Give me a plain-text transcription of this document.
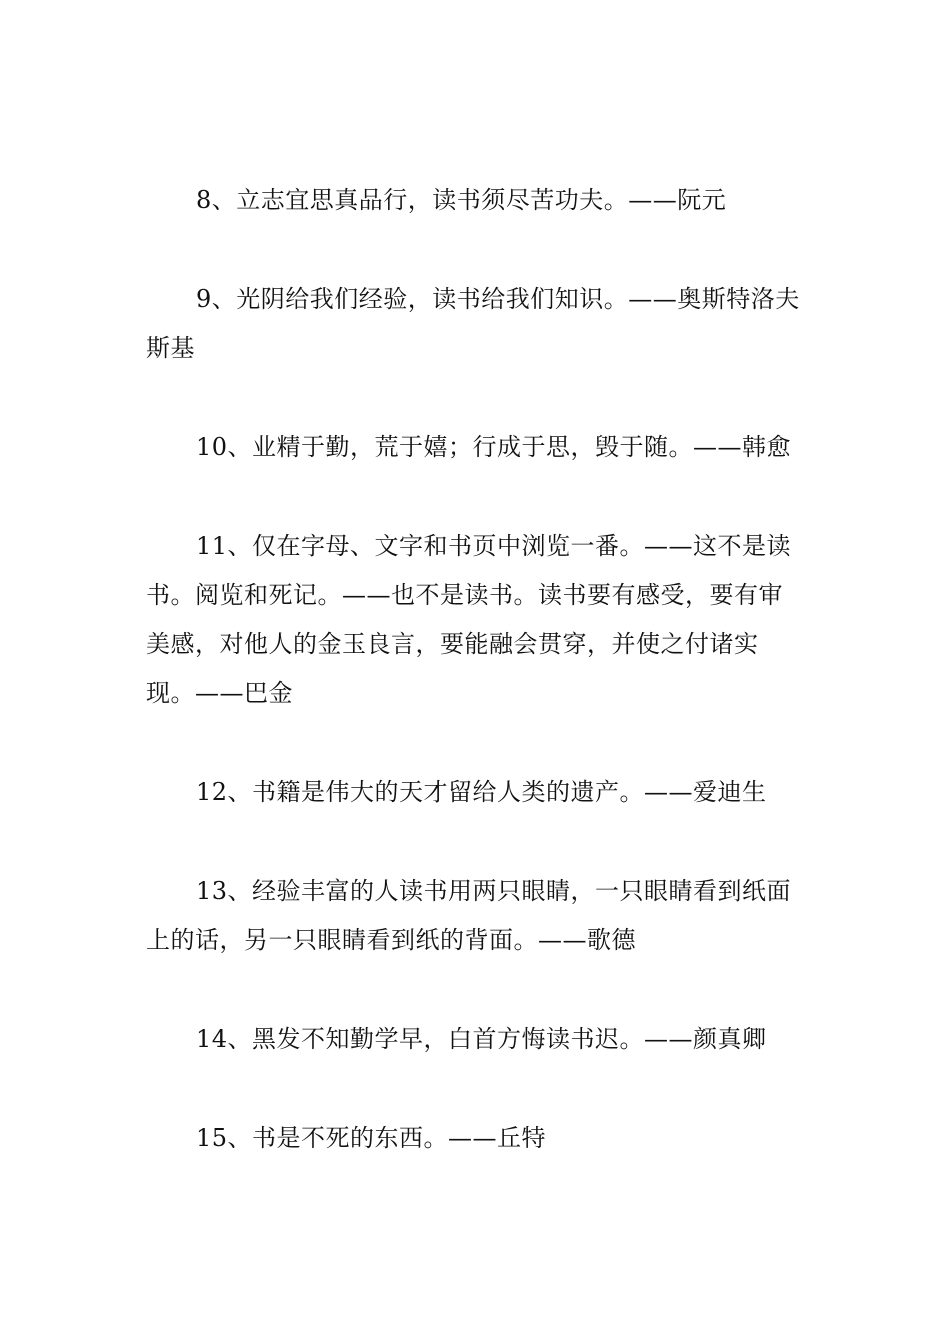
8、立志宜思真品行，读书须尽苦功夫。——阮元

9、光阴给我们经验，读书给我们知识。——奥斯特洛夫斯基

10、业精于勤，荒于嬉；行成于思，毁于随。——韩愈

11、仅在字母、文字和书页中浏览一番。——这不是读书。阅览和死记。——也不是读书。读书要有感受，要有审美感，对他人的金玉良言，要能融会贯穿，并使之付诸实现。——巴金

12、书籍是伟大的天才留给人类的遗产。——爱迪生

13、经验丰富的人读书用两只眼睛，一只眼睛看到纸面上的话，另一只眼睛看到纸的背面。——歌德

14、黑发不知勤学早，白首方悔读书迟。——颜真卿

15、书是不死的东西。——丘特
